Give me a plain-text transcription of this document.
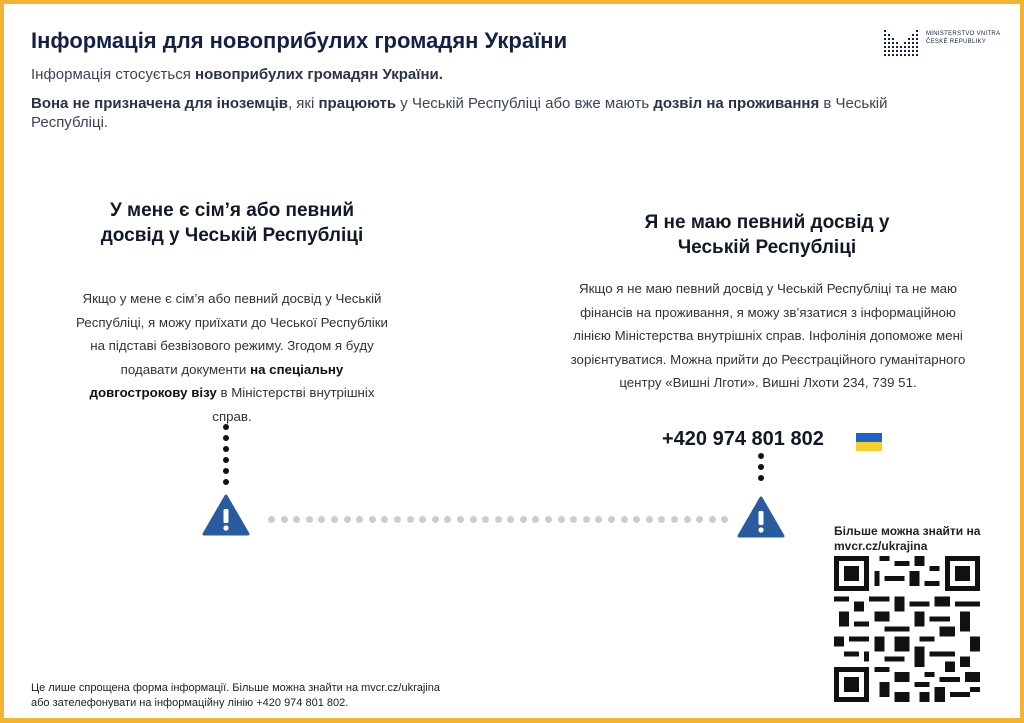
Інформація для новоприбулих громадян України	MINISTERSTVO VNITRA ČESKÉ REPUBLIKY
Інформація стосується новоприбулих громадян України.
Вона не призначена для іноземців, які працюють у Чеській Республіці або вже мають дозвіл на проживання в Чеській Республіці.
У мене є сім’я або певний досвід у Чеській Республіці
Якщо у мене є сім’я або певний досвід у Чеській Республіці, я можу приїхати до Чеської Республіки на підставі безвізового режиму. Згодом я буду подавати документи на спеціальну довгострокову візу в Міністерстві внутрішніх справ.
Я не маю певний досвід у Чеській Республіці
Якщо я не маю певний досвід у Чеській Республіці та не маю фінансів на проживання, я можу зв’язатися з інформаційною лінією Міністерства внутрішніх справ. Інфолінія допоможе мені зорієнтуватися. Можна прийти до Реєстраційного гуманітарного центру «Вишні Лготи». Вишні Лхоти 234, 739 51.
+420 974 801 802
Більше можна знайти на
mvcr.cz/ukrajina
Це лише спрощена форма інформації. Більше можна знайти на mvcr.cz/ukrajina
або зателефонувати на інформаційну лінію +420 974 801 802.
